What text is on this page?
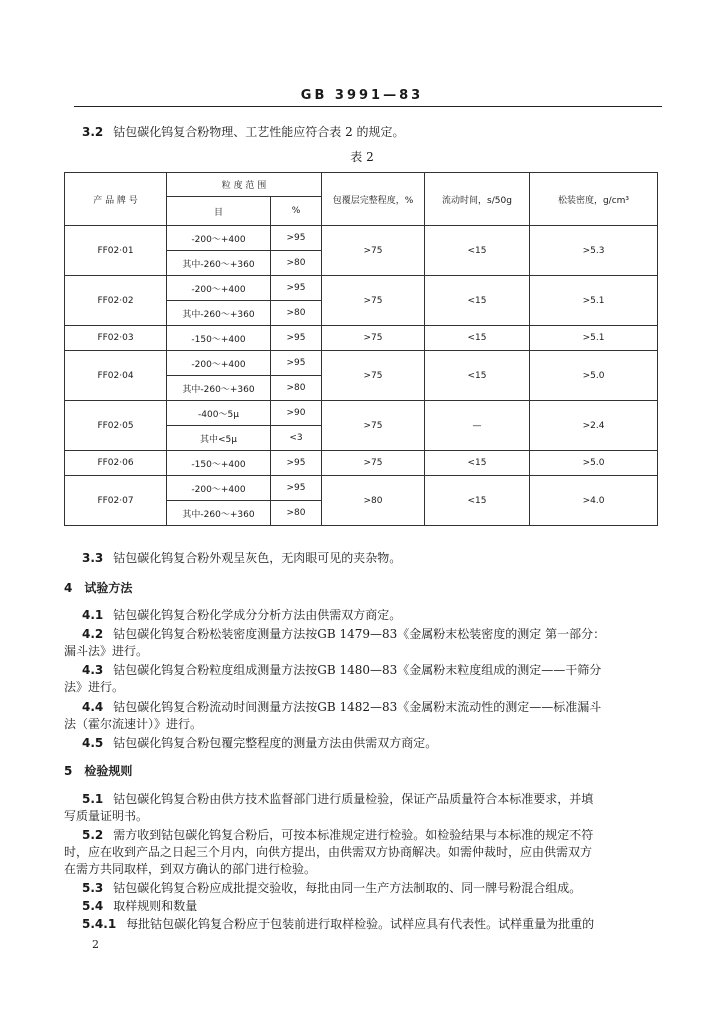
GB 3991—83
3.2 钴包碳化钨复合粉物理、工艺性能应符合表 2 的规定。
表 2
产 品 牌 号	粒 度 范 围		包覆层完整程度，%	流动时间，s/50g	松装密度，g/cm³
	目	%			
FF02·01	-200～+400	>95	>75	<15	>5.3
	其中-260～+360	>80			
FF02·02	-200～+400	>95	>75	<15	>5.1
	其中-260～+360	>80			
FF02·03	-150～+400	>95	>75	<15	>5.1
FF02·04	-200～+400	>95	>75	<15	>5.0
	其中-260～+360	>80			
FF02·05	-400～5μ	>90	>75	—	>2.4
	其中<5μ	<3			
FF02·06	-150～+400	>95	>75	<15	>5.0
FF02·07	-200～+400	>95	>80	<15	>4.0
	其中-260～+360	>80			
3.3 钴包碳化钨复合粉外观呈灰色，无肉眼可见的夹杂物。
4 试验方法
4.1 钴包碳化钨复合粉化学成分分析方法由供需双方商定。
4.2 钴包碳化钨复合粉松装密度测量方法按GB 1479—83《金属粉末松装密度的测定 第一部分：
漏斗法》进行。
4.3 钴包碳化钨复合粉粒度组成测量方法按GB 1480—83《金属粉末粒度组成的测定——干筛分
法》进行。
4.4 钴包碳化钨复合粉流动时间测量方法按GB 1482—83《金属粉末流动性的测定——标准漏斗
法（霍尔流速计）》进行。
4.5 钴包碳化钨复合粉包覆完整程度的测量方法由供需双方商定。
5 检验规则
5.1 钴包碳化钨复合粉由供方技术监督部门进行质量检验，保证产品质量符合本标准要求，并填
写质量证明书。
5.2 需方收到钴包碳化钨复合粉后，可按本标准规定进行检验。如检验结果与本标准的规定不符
时，应在收到产品之日起三个月内，向供方提出，由供需双方协商解决。如需仲裁时，应由供需双方
在需方共同取样，到双方确认的部门进行检验。
5.3 钴包碳化钨复合粉应成批提交验收，每批由同一生产方法制取的、同一牌号粉混合组成。
5.4 取样规则和数量
5.4.1 每批钴包碳化钨复合粉应于包装前进行取样检验。试样应具有代表性。试样重量为批重的
2
